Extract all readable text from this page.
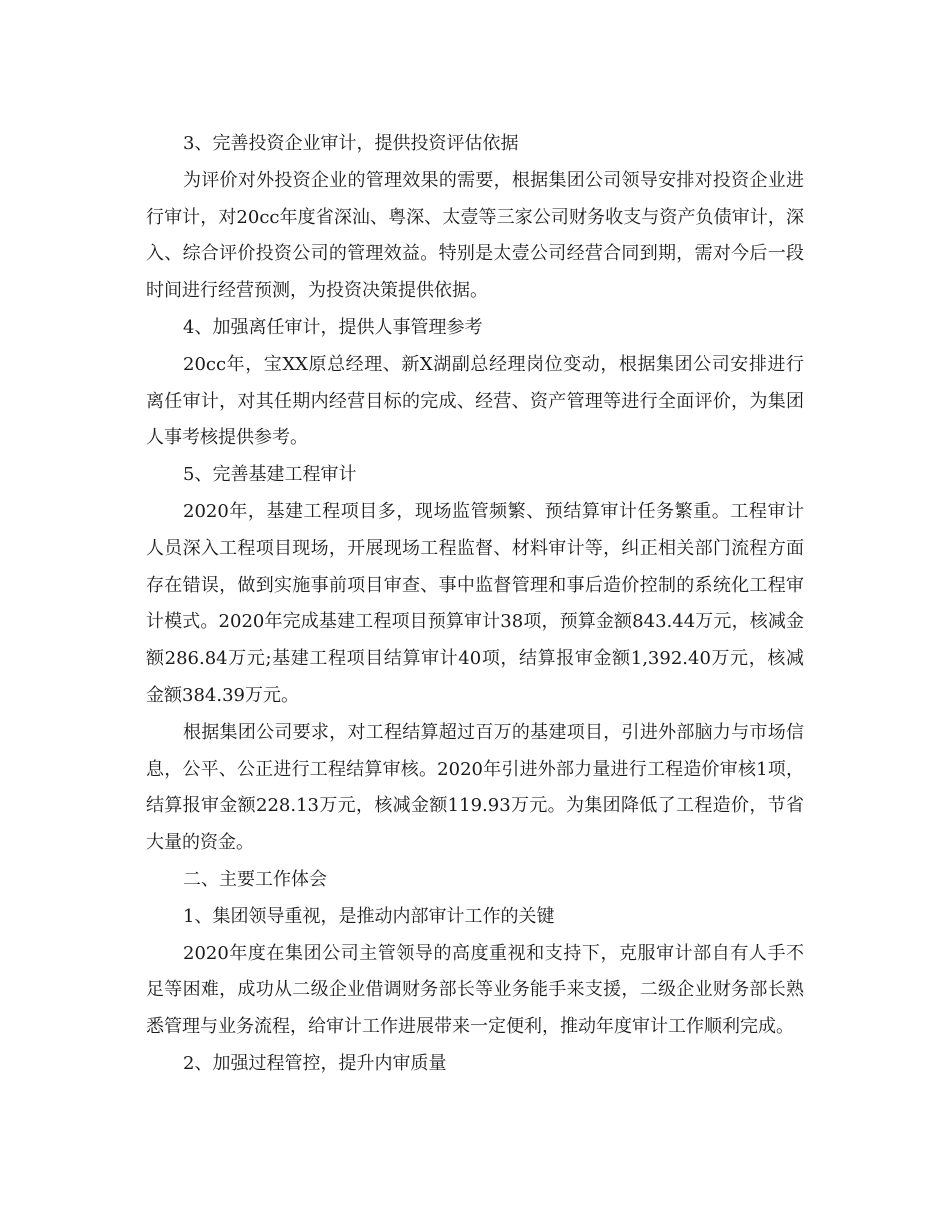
3、完善投资企业审计，提供投资评估依据

为评价对外投资企业的管理效果的需要，根据集团公司领导安排对投资企业进行审计，对20cc年度省深汕、粤深、太壹等三家公司财务收支与资产负债审计，深入、综合评价投资公司的管理效益。特别是太壹公司经营合同到期，需对今后一段时间进行经营预测，为投资决策提供依据。

4、加强离任审计，提供人事管理参考

20cc年，宝XX原总经理、新X湖副总经理岗位变动，根据集团公司安排进行离任审计，对其任期内经营目标的完成、经营、资产管理等进行全面评价，为集团人事考核提供参考。

5、完善基建工程审计

2020年，基建工程项目多，现场监管频繁、预结算审计任务繁重。工程审计人员深入工程项目现场，开展现场工程监督、材料审计等，纠正相关部门流程方面存在错误，做到实施事前项目审查、事中监督管理和事后造价控制的系统化工程审计模式。2020年完成基建工程项目预算审计38项，预算金额843.44万元，核减金额286.84万元;基建工程项目结算审计40项，结算报审金额1,392.40万元，核减金额384.39万元。

根据集团公司要求，对工程结算超过百万的基建项目，引进外部脑力与市场信息，公平、公正进行工程结算审核。2020年引进外部力量进行工程造价审核1项，结算报审金额228.13万元，核减金额119.93万元。为集团降低了工程造价，节省大量的资金。

二、主要工作体会

1、集团领导重视，是推动内部审计工作的关键

2020年度在集团公司主管领导的高度重视和支持下，克服审计部自有人手不足等困难，成功从二级企业借调财务部长等业务能手来支援，二级企业财务部长熟悉管理与业务流程，给审计工作进展带来一定便利，推动年度审计工作顺利完成。

2、加强过程管控，提升内审质量
